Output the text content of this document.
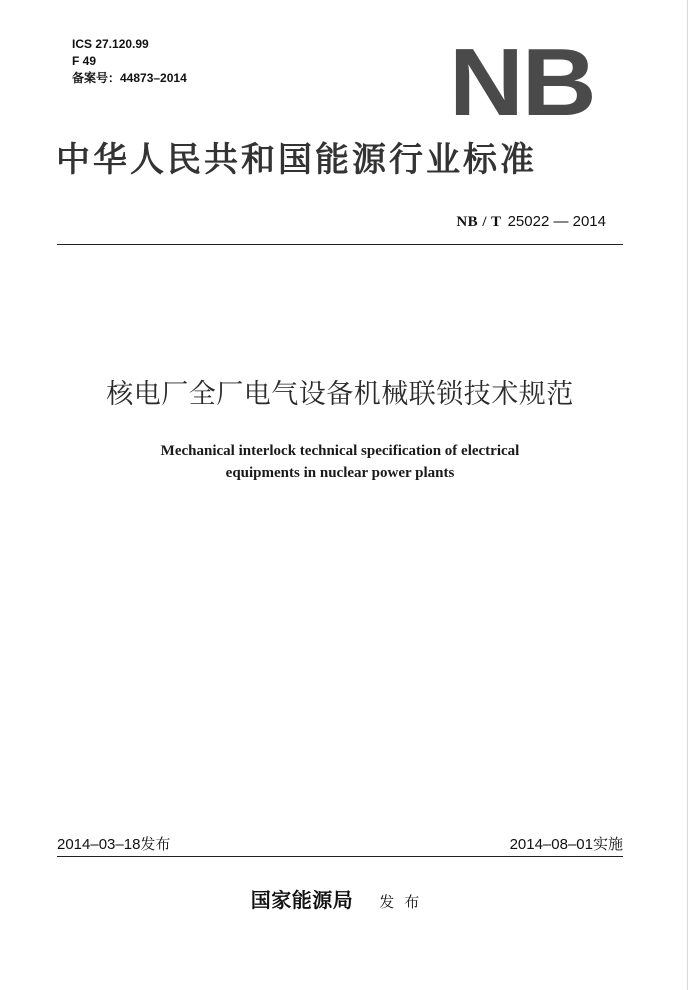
ICS 27.120.99
F 49
备案号：44873–2014	NB
中华人民共和国能源行业标准
NB / T 25022 — 2014
核电厂全厂电气设备机械联锁技术规范
Mechanical interlock technical specification of electrical
equipments in nuclear power plants
2014–03–18发布	2014–08–01实施
国家能源局 发布
